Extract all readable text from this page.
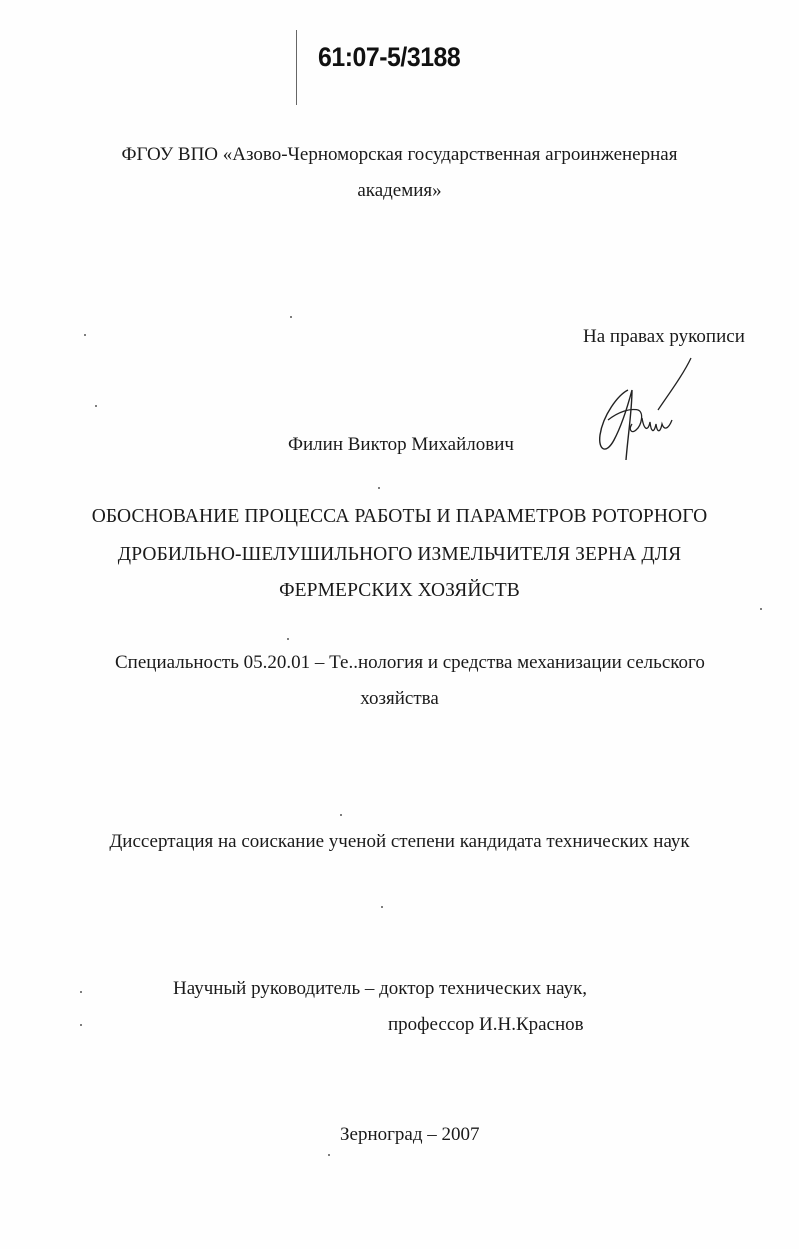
61:07-5/3188
ФГОУ ВПО «Азово-Черноморская государственная агроинженерная
академия»
На правах рукописи
Филин Виктор Михайлович
ОБОСНОВАНИЕ ПРОЦЕССА РАБОТЫ И ПАРАМЕТРОВ РОТОРНОГО
ДРОБИЛЬНО-ШЕЛУШИЛЬНОГО ИЗМЕЛЬЧИТЕЛЯ ЗЕРНА ДЛЯ
ФЕРМЕРСКИХ ХОЗЯЙСТВ
Специальность 05.20.01 – Те..нология и средства механизации сельского
хозяйства
Диссертация на соискание ученой степени кандидата технических наук
Научный руководитель – доктор технических наук,
профессор И.Н.Краснов
Зерноград – 2007
